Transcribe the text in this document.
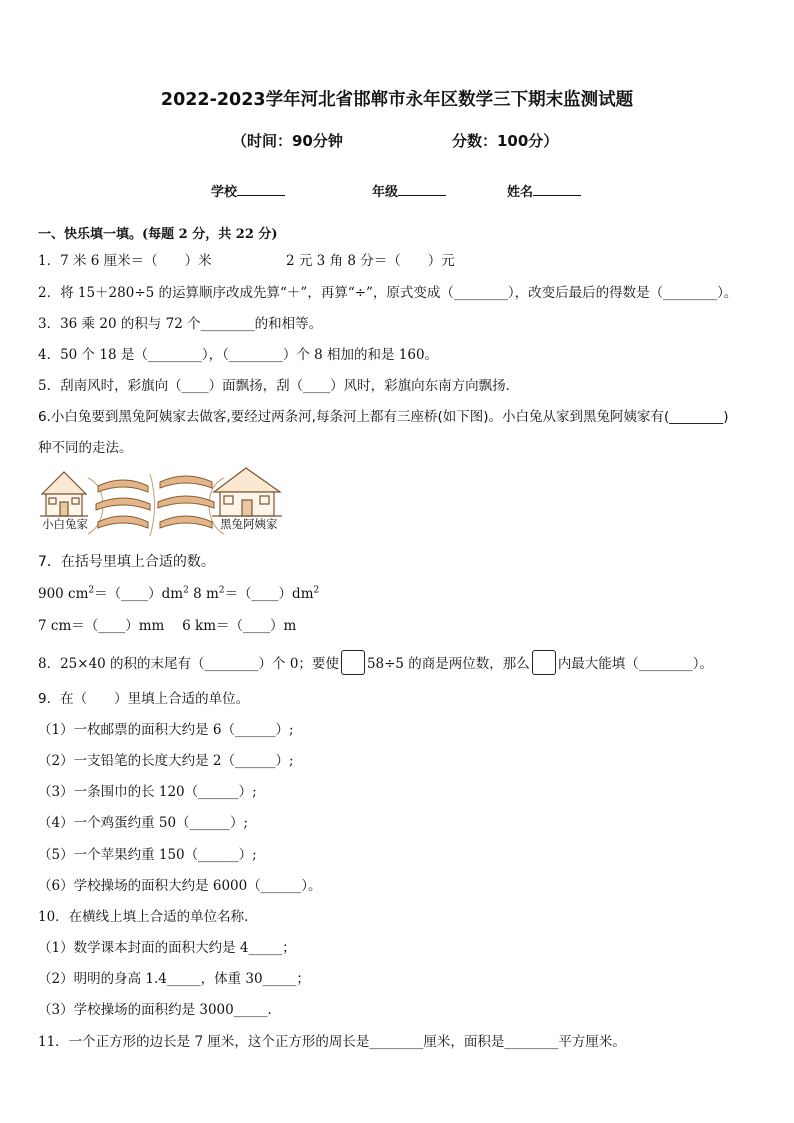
2022-2023学年河北省邯郸市永年区数学三下期末监测试题
（时间：90分钟	分数：100分）
学校	年级	姓名
一、快乐填一填。(每题 2 分，共 22 分)
1．7 米 6 厘米＝（　　）米	2 元 3 角 8 分＝（　　）元
2．将 15＋280÷5 的运算顺序改成先算“＋”，再算“÷”，原式变成（________），改变后最后的得数是（________）。
3．36 乘 20 的积与 72 个________的和相等。
4．50 个 18 是（________），（________）个 8 相加的和是 160。
5．刮南风时，彩旗向（____）面飘扬，刮（____）风时，彩旗向东南方向飘扬．
6.小白兔要到黑兔阿姨家去做客,要经过两条河,每条河上都有三座桥(如下图)。小白兔从家到黑兔阿姨家有(________)
种不同的走法。
小白兔家	黑兔阿姨家
7．在括号里填上合适的数。
900 $cm^2=(\_\_\_\_)dm^2$ 8 $m^2=(\_\_\_\_)dm^2$
7 cm＝（____）mm　 6 km＝（____）m
8．25×40 的积的末尾有（________）个 0；要使 58÷5 的商是两位数，那么 内最大能填（________）。
9．在（　　）里填上合适的单位。
（1）一枚邮票的面积大约是 6（______）;
（2）一支铅笔的长度大约是 2（______）;
（3）一条围巾的长 120（______）;
（4）一个鸡蛋约重 50（______）;
（5）一个苹果约重 150（______）;
（6）学校操场的面积大约是 6000（______）。
10．在横线上填上合适的单位名称．
（1）数学课本封面的面积大约是 4_____；
（2）明明的身高 1.4_____，体重 30_____；
（3）学校操场的面积约是 3000_____．
11．一个正方形的边长是 7 厘米，这个正方形的周长是________厘米，面积是________平方厘米。
